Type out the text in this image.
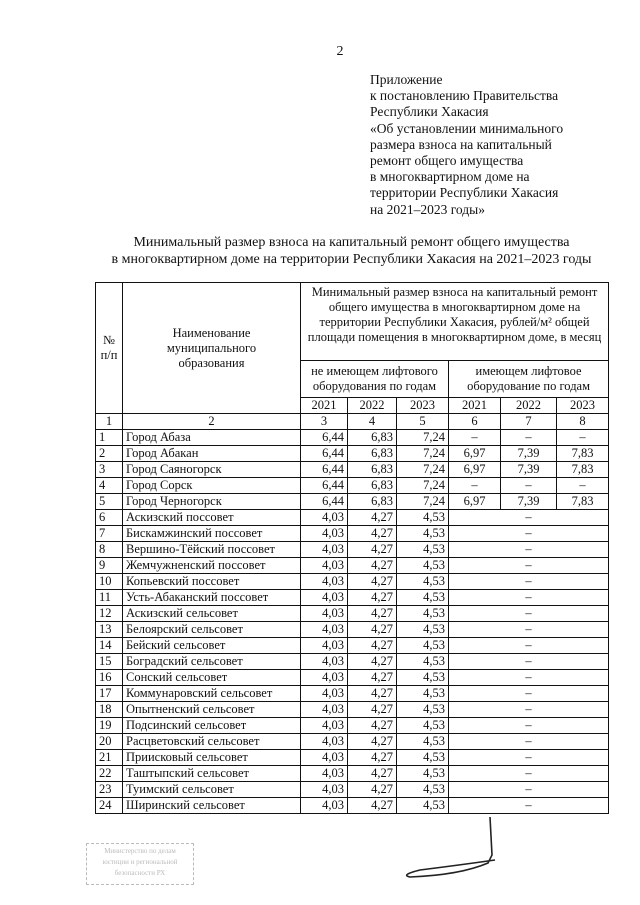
2
Приложение
к постановлению Правительства
Республики Хакасия
«Об установлении минимального
размера взноса на капитальный
ремонт общего имущества
в многоквартирном доме на
территории Республики Хакасия
на 2021–2023 годы»
Минимальный размер взноса на капитальный ремонт общего имущества
в многоквартирном доме на территории Республики Хакасия на 2021–2023 годы
№ п/п	Наименование муниципального образования	Минимальный размер взноса на капитальный ремонт общего имущества в многоквартирном доме на территории Республики Хакасия, рублей/м² общей площади помещения в многоквартирном доме, в месяц					
		не имеющем лифтового оборудования по годам			имеющем лифтовое оборудование по годам		
		2021	2022	2023	2021	2022	2023
1	2	3	4	5	6	7	8
1	Город Абаза	6,44	6,83	7,24	–	–	–
2	Город Абакан	6,44	6,83	7,24	6,97	7,39	7,83
3	Город Саяногорск	6,44	6,83	7,24	6,97	7,39	7,83
4	Город Сорск	6,44	6,83	7,24	–	–	–
5	Город Черногорск	6,44	6,83	7,24	6,97	7,39	7,83
6	Аскизский поссовет	4,03	4,27	4,53	–		
7	Бискамжинский поссовет	4,03	4,27	4,53	–		
8	Вершино-Тёйский поссовет	4,03	4,27	4,53	–		
9	Жемчужненский поссовет	4,03	4,27	4,53	–		
10	Копьевский поссовет	4,03	4,27	4,53	–		
11	Усть-Абаканский поссовет	4,03	4,27	4,53	–		
12	Аскизский сельсовет	4,03	4,27	4,53	–		
13	Белоярский сельсовет	4,03	4,27	4,53	–		
14	Бейский сельсовет	4,03	4,27	4,53	–		
15	Боградский сельсовет	4,03	4,27	4,53	–		
16	Сонский сельсовет	4,03	4,27	4,53	–		
17	Коммунаровский сельсовет	4,03	4,27	4,53	–		
18	Опытненский сельсовет	4,03	4,27	4,53	–		
19	Подсинский сельсовет	4,03	4,27	4,53	–		
20	Расцветовский сельсовет	4,03	4,27	4,53	–		
21	Приисковый сельсовет	4,03	4,27	4,53	–		
22	Таштыпский сельсовет	4,03	4,27	4,53	–		
23	Туимский сельсовет	4,03	4,27	4,53	–		
24	Ширинский сельсовет	4,03	4,27	4,53	–		
Министерство по делам
юстиции и региональной
безопасности РХ
